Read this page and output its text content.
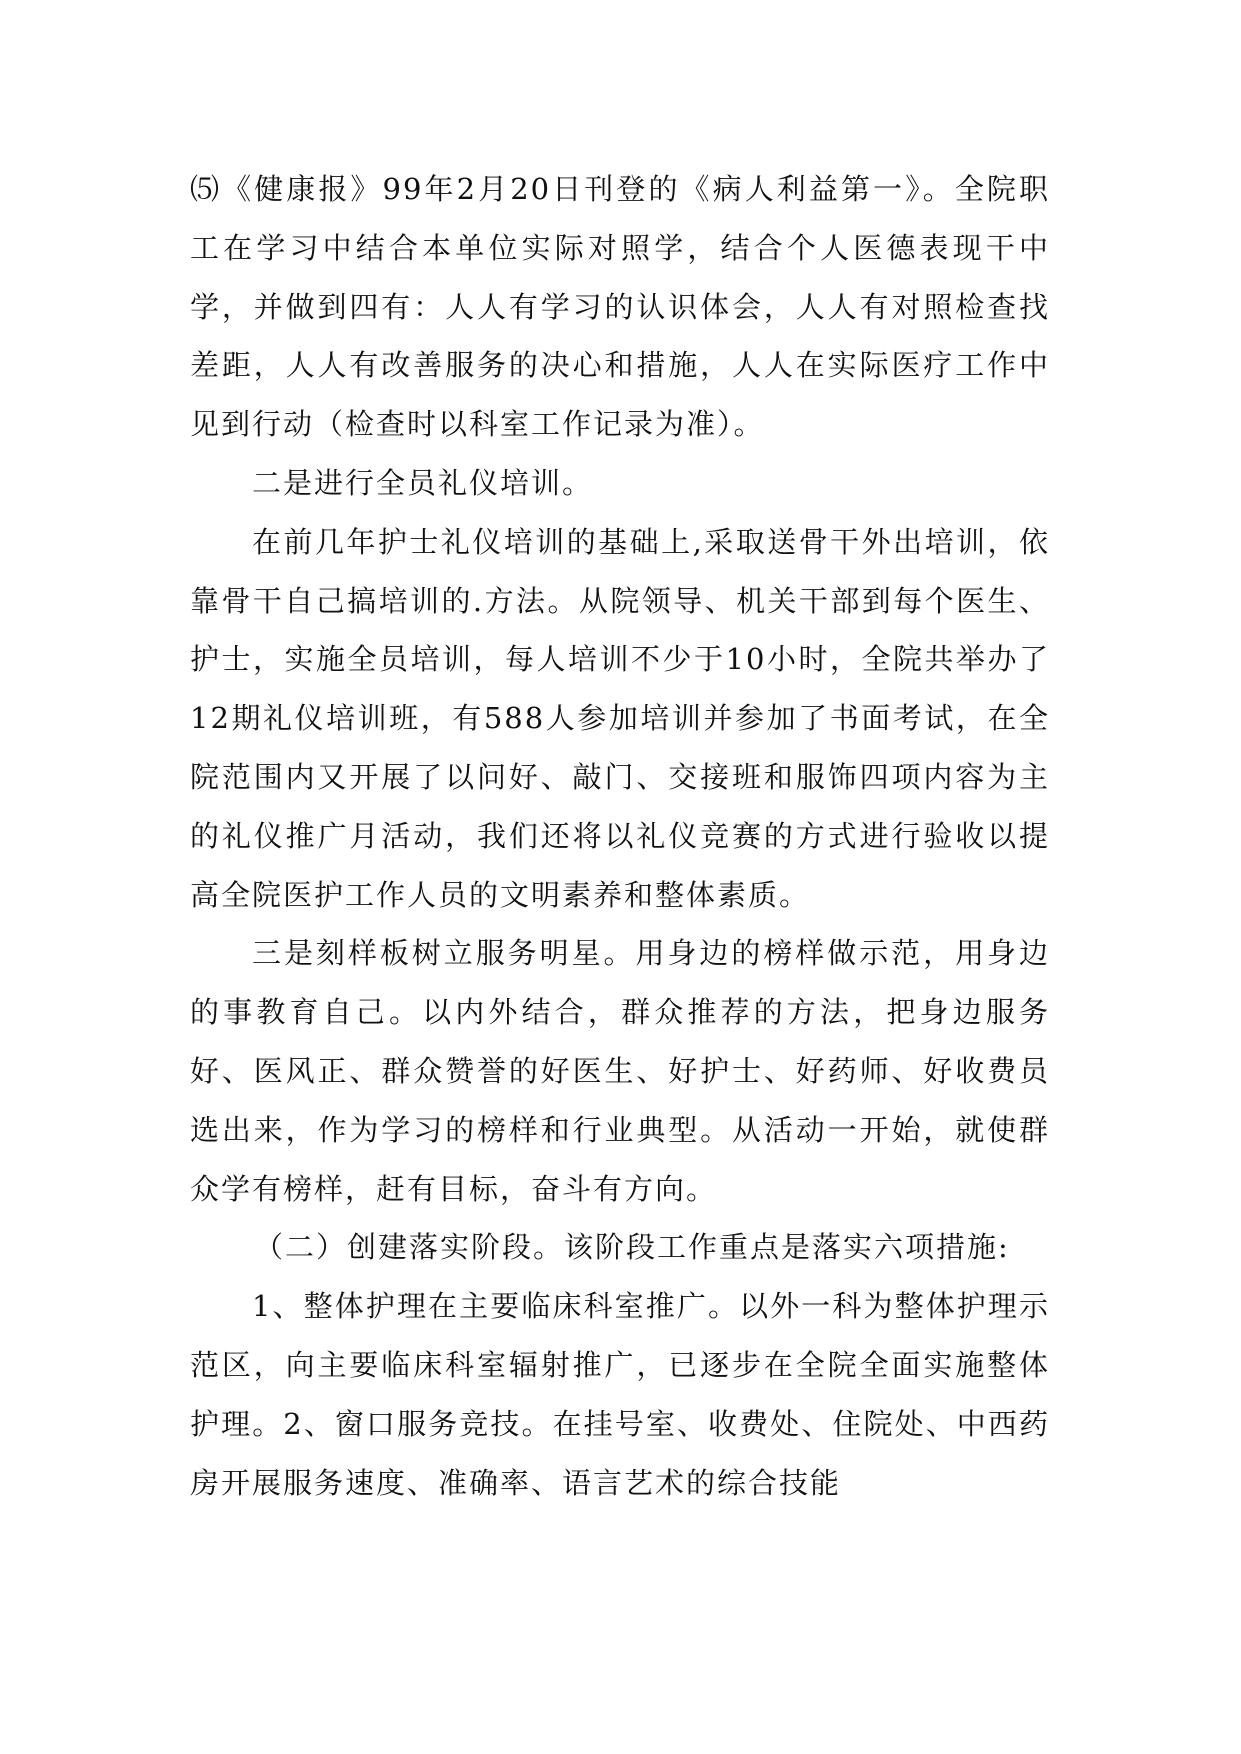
⑸《健康报》99年2月20日刊登的《病人利益第一》。全院职工在学习中结合本单位实际对照学，结合个人医德表现干中学，并做到四有：人人有学习的认识体会，人人有对照检查找差距，人人有改善服务的决心和措施，人人在实际医疗工作中见到行动（检查时以科室工作记录为准）。

二是进行全员礼仪培训。

在前几年护士礼仪培训的基础上,采取送骨干外出培训，依靠骨干自己搞培训的.方法。从院领导、机关干部到每个医生、护士，实施全员培训，每人培训不少于10小时，全院共举办了12期礼仪培训班，有588人参加培训并参加了书面考试，在全院范围内又开展了以问好、敲门、交接班和服饰四项内容为主的礼仪推广月活动，我们还将以礼仪竞赛的方式进行验收以提高全院医护工作人员的文明素养和整体素质。

三是刻样板树立服务明星。用身边的榜样做示范，用身边的事教育自己。以内外结合，群众推荐的方法，把身边服务好、医风正、群众赞誉的好医生、好护士、好药师、好收费员选出来，作为学习的榜样和行业典型。从活动一开始，就使群众学有榜样，赶有目标，奋斗有方向。

（二）创建落实阶段。该阶段工作重点是落实六项措施:

1、整体护理在主要临床科室推广。以外一科为整体护理示范区，向主要临床科室辐射推广，已逐步在全院全面实施整体护理。2、窗口服务竞技。在挂号室、收费处、住院处、中西药房开展服务速度、准确率、语言艺术的综合技能
